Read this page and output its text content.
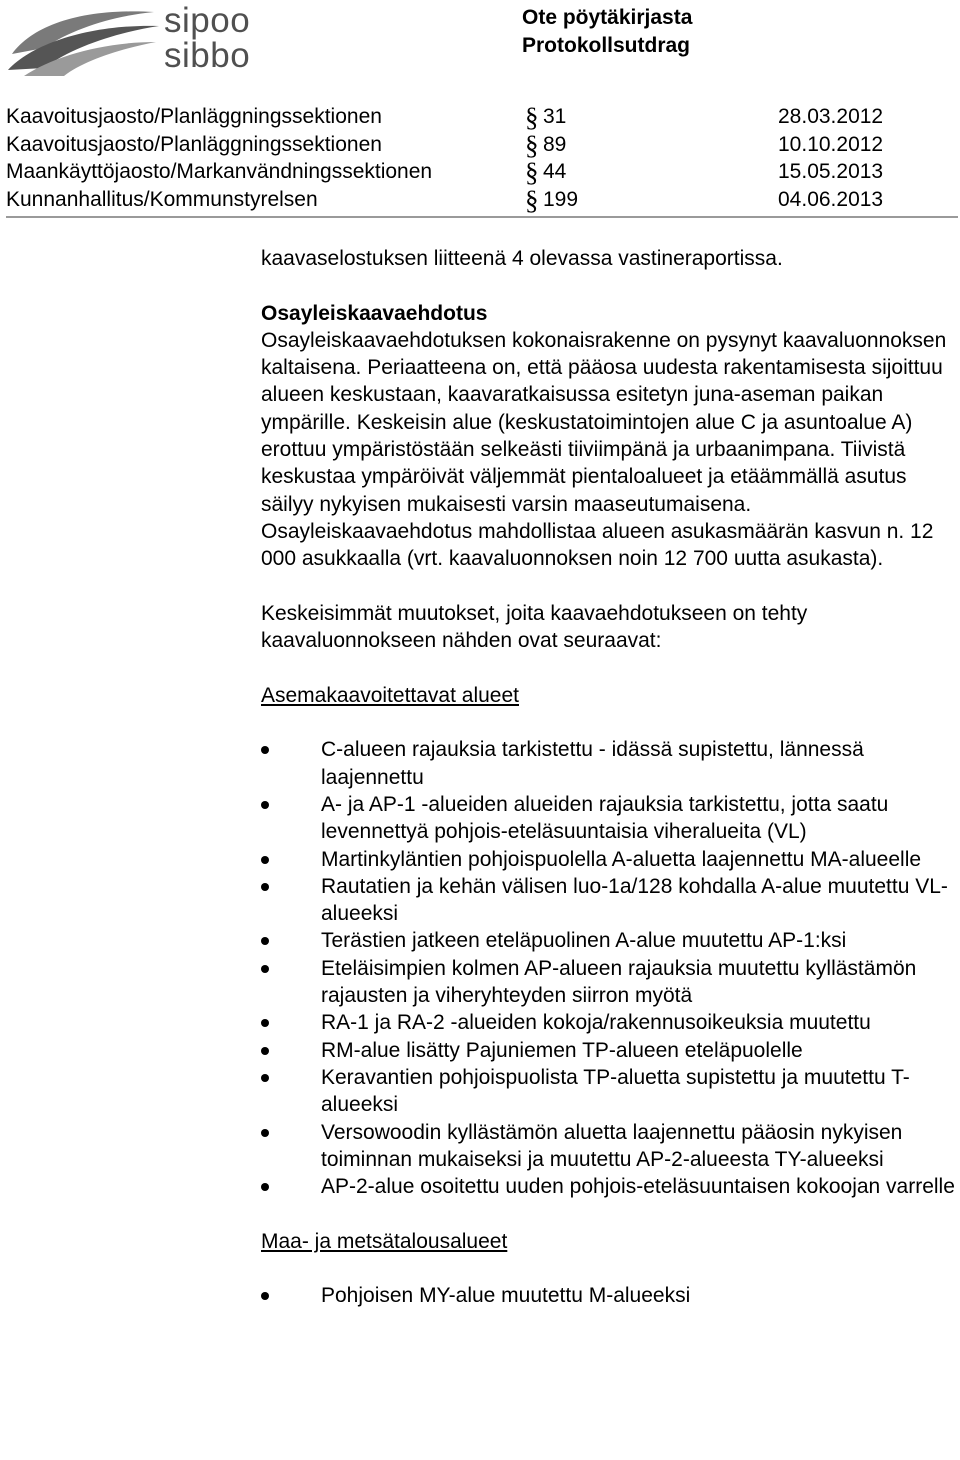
sipoo
sibbo
Ote pöytäkirjasta
Protokollsutdrag
Kaavoitusjaosto/Planläggningssektionen	§ 31	28.03.2012
Kaavoitusjaosto/Planläggningssektionen	§ 89	10.10.2012
Maankäyttöjaosto/Markanvändningssektionen	§ 44	15.05.2013
Kunnanhallitus/Kommunstyrelsen	§ 199	04.06.2013

kaavaselostuksen liitteenä 4 olevassa vastineraportissa.

Osayleiskaavaehdotus

Osayleiskaavaehdotuksen kokonaisrakenne on pysynyt kaavaluonnoksen kaltaisena. Periaatteena on, että pääosa uudesta rakentamisesta sijoittuu alueen keskustaan, kaavaratkaisussa esitetyn juna-aseman paikan ympärille. Keskeisin alue (keskustatoimintojen alue C ja asuntoalue A) erottuu ympäristöstään selkeästi tiiviimpänä ja urbaanimpana. Tiivistä keskustaa ympäröivät väljemmät pientaloalueet ja etäämmällä asutus säilyy nykyisen mukaisesti varsin maaseutumaisena. Osayleiskaavaehdotus mahdollistaa alueen asukasmäärän kasvun n. 12 000 asukkaalla (vrt. kaavaluonnoksen noin 12 700 uutta asukasta).

Keskeisimmät muutokset, joita kaavaehdotukseen on tehty kaavaluonnokseen nähden ovat seuraavat:

Asemakaavoitettavat alueet

C-alueen rajauksia tarkistettu - idässä supistettu, lännessä laajennettu
A- ja AP-1 -alueiden alueiden rajauksia tarkistettu, jotta saatu levennettyä pohjois-eteläsuuntaisia viheralueita (VL)
Martinkyläntien pohjoispuolella A-aluetta laajennettu MA-alueelle
Rautatien ja kehän välisen luo-1a/128 kohdalla A-alue muutettu VL-alueeksi
Terästien jatkeen eteläpuolinen A-alue muutettu AP-1:ksi
Eteläisimpien kolmen AP-alueen rajauksia muutettu kyllästämön rajausten ja viheryhteyden siirron myötä
RA-1 ja RA-2 -alueiden kokoja/rakennusoikeuksia muutettu
RM-alue lisätty Pajuniemen TP-alueen eteläpuolelle
Keravantien pohjoispuolista TP-aluetta supistettu ja muutettu T-alueeksi
Versowoodin kyllästämön aluetta laajennettu pääosin nykyisen toiminnan mukaiseksi ja muutettu AP-2-alueesta TY-alueeksi
AP-2-alue osoitettu uuden pohjois-eteläsuuntaisen kokoojan varrelle

Maa- ja metsätalousalueet

Pohjoisen MY-alue muutettu M-alueeksi
